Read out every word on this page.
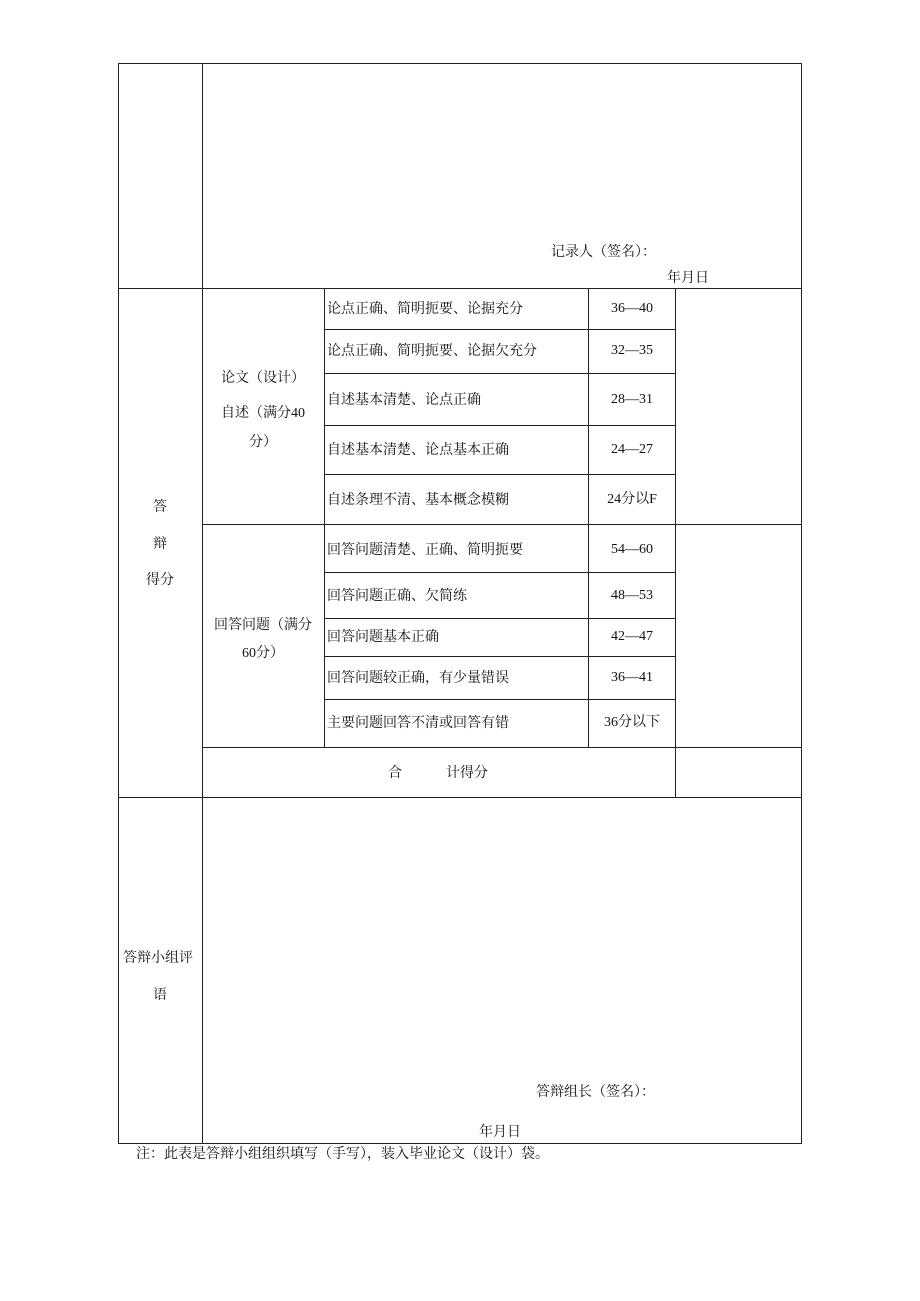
记录人（签名）：
年月日
答
辩
得分
论文（设计）
自述（满分40
分）
论点正确、简明扼要、论据充分	36—40
论点正确、简明扼要、论据欠充分	32—35
自述基本清楚、论点正确	28—31
自述基本清楚、论点基本正确	24—27
自述条理不清、基本概念模糊	24分以F
回答问题（满分
60分）
回答问题清楚、正确、简明扼要	54—60
回答问题正确、欠简练	48—53
回答问题基本正确	42—47
回答问题较正确，有少量错误	36—41
主要问题回答不清或回答有错	36分以下
合	计得分
答辩小组评
语
答辩组长（签名）：
年月日
注：此表是答辩小组组织填写（手写），装入毕业论文（设计）袋。
